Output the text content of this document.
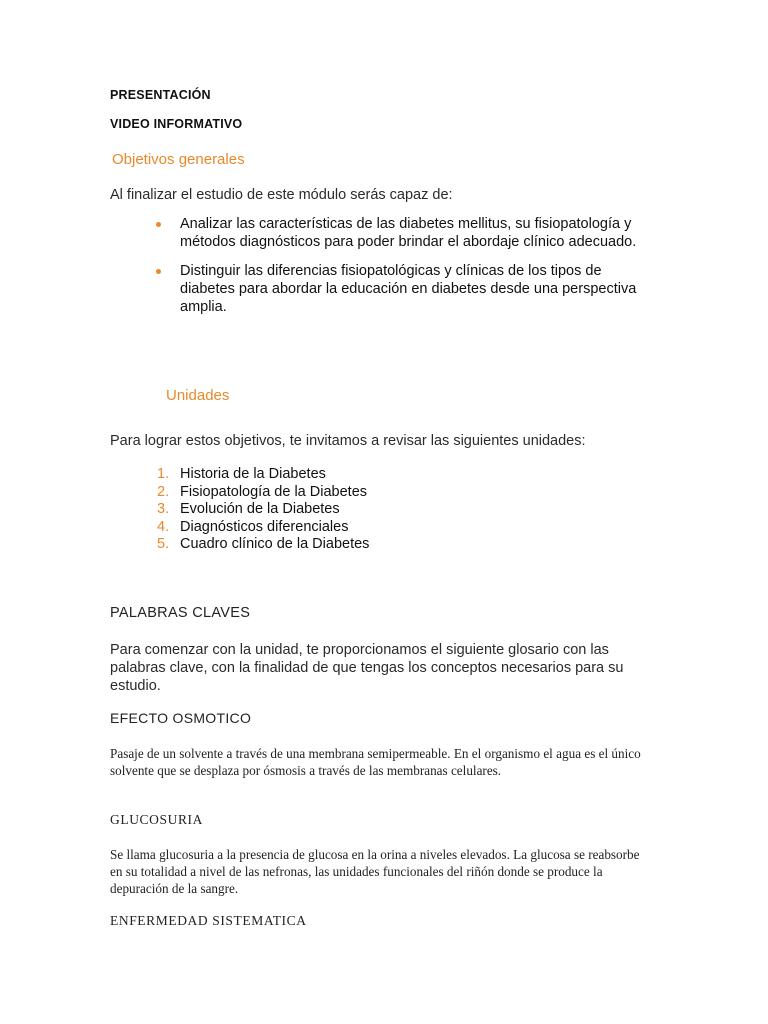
PRESENTACIÓN
VIDEO INFORMATIVO
Objetivos generales
Al finalizar el estudio de este módulo serás capaz de:
Analizar las características de las diabetes mellitus, su fisiopatología y métodos diagnósticos para poder brindar el abordaje clínico adecuado.
Distinguir las diferencias fisiopatológicas y clínicas de los tipos de diabetes para abordar la educación en diabetes desde una perspectiva amplia.
Unidades
Para lograr estos objetivos, te invitamos a revisar las siguientes unidades:
1. Historia de la Diabetes
2. Fisiopatología de la Diabetes
3. Evolución de la Diabetes
4. Diagnósticos diferenciales
5. Cuadro clínico de la Diabetes
PALABRAS CLAVES
Para comenzar con la unidad, te proporcionamos el siguiente glosario con las palabras clave, con la finalidad de que tengas los conceptos necesarios para su estudio.
EFECTO OSMOTICO
Pasaje de un solvente a través de una membrana semipermeable. En el organismo el agua es el único solvente que se desplaza por ósmosis a través de las membranas celulares.
GLUCOSURIA
Se llama glucosuria a la presencia de glucosa en la orina a niveles elevados. La glucosa se reabsorbe en su totalidad a nivel de las nefronas, las unidades funcionales del riñón donde se produce la depuración de la sangre.
ENFERMEDAD SISTEMATICA
